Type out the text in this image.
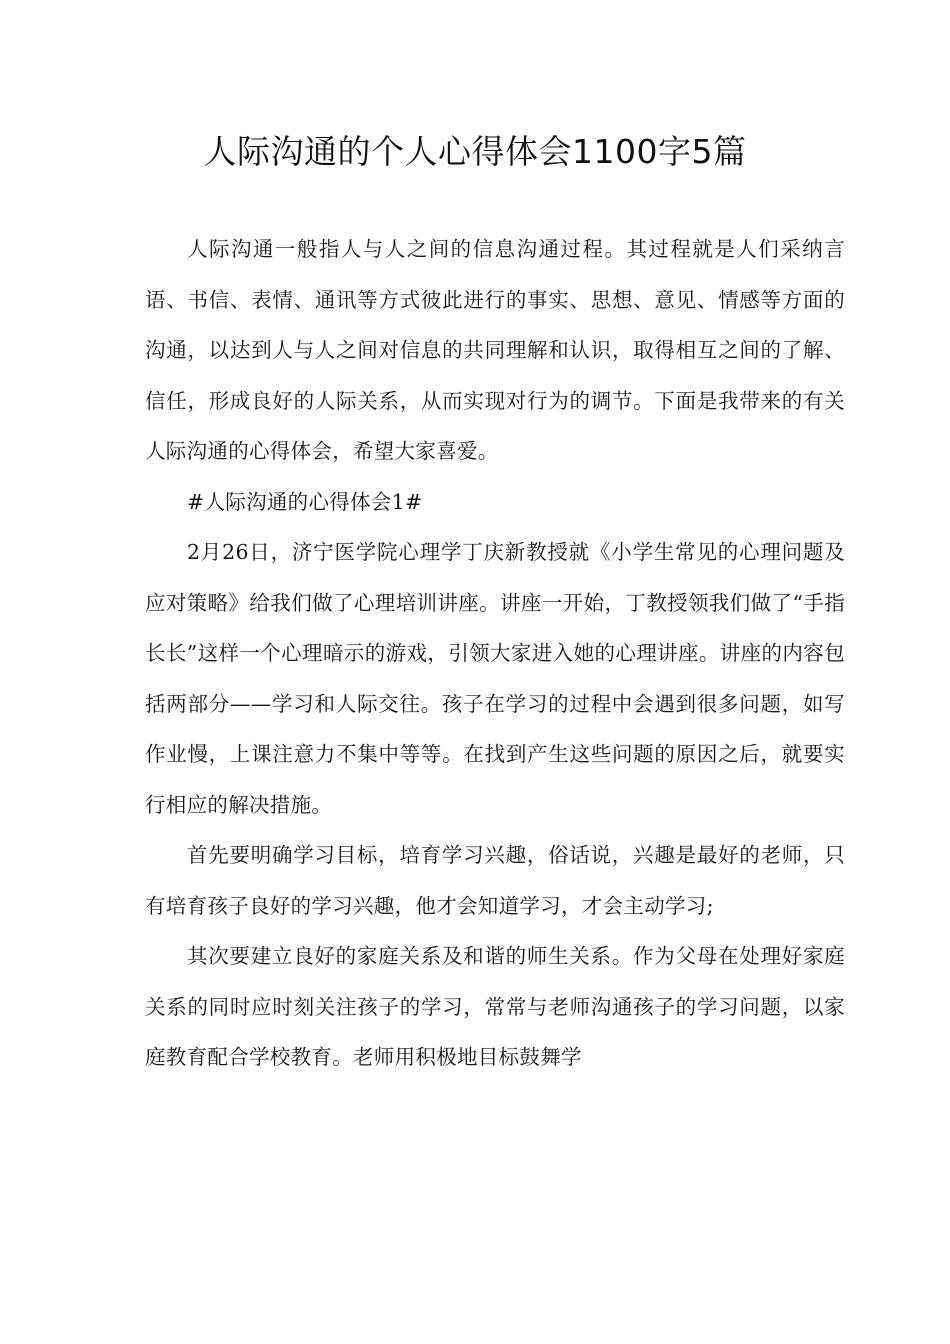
人际沟通的个人心得体会1100字5篇

人际沟通一般指人与人之间的信息沟通过程。其过程就是人们采纳言语、书信、表情、通讯等方式彼此进行的事实、思想、意见、情感等方面的沟通，以达到人与人之间对信息的共同理解和认识，取得相互之间的了解、信任，形成良好的人际关系，从而实现对行为的调节。下面是我带来的有关人际沟通的心得体会，希望大家喜爱。

#人际沟通的心得体会1#

2月26日，济宁医学院心理学丁庆新教授就《小学生常见的心理问题及应对策略》给我们做了心理培训讲座。讲座一开始，丁教授领我们做了“手指长长”这样一个心理暗示的游戏，引领大家进入她的心理讲座。讲座的内容包括两部分——学习和人际交往。孩子在学习的过程中会遇到很多问题，如写作业慢，上课注意力不集中等等。在找到产生这些问题的原因之后，就要实行相应的解决措施。

首先要明确学习目标，培育学习兴趣，俗话说，兴趣是最好的老师，只有培育孩子良好的学习兴趣，他才会知道学习，才会主动学习;

其次要建立良好的家庭关系及和谐的师生关系。作为父母在处理好家庭关系的同时应时刻关注孩子的学习，常常与老师沟通孩子的学习问题，以家庭教育配合学校教育。老师用积极地目标鼓舞学
